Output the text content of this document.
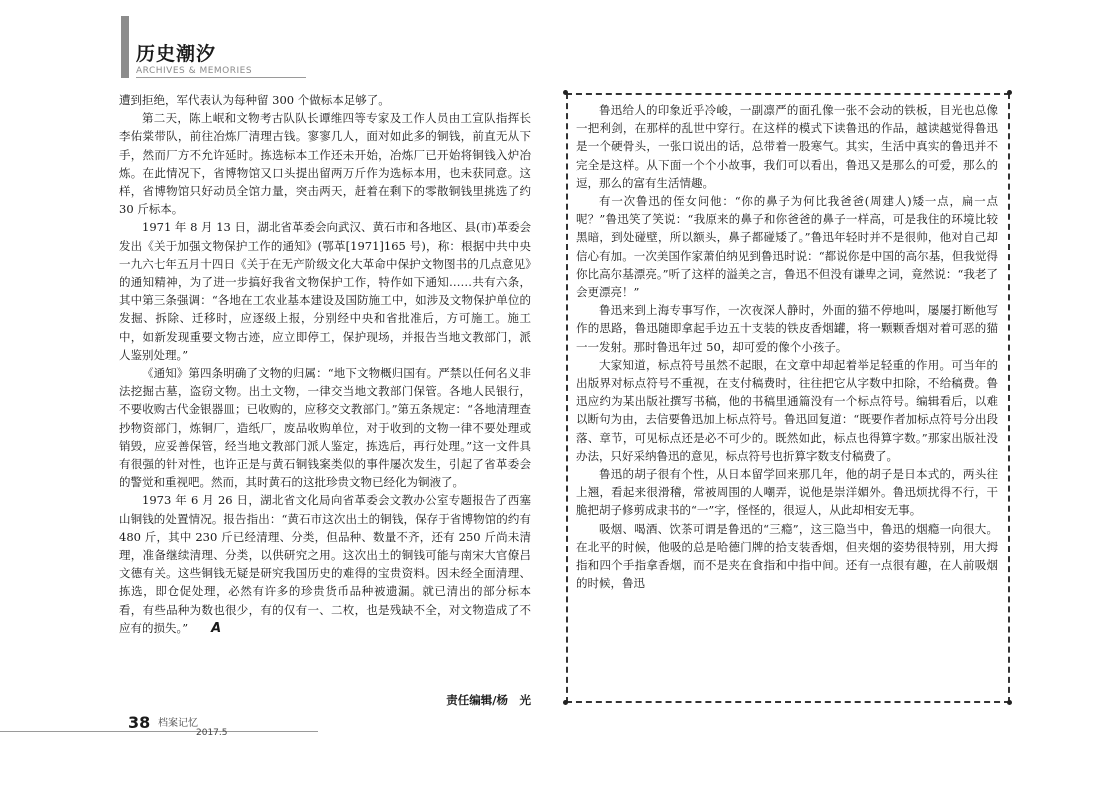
历史潮汐
ARCHIVES & MEMORIES

遭到拒绝，军代表认为每种留 300 个做标本足够了。

第二天，陈上岷和文物考古队队长谭维四等专家及工作人员由工宣队指挥长李佑棠带队，前往冶炼厂清理古钱。寥寥几人，面对如此多的铜钱，前直无从下手，然而厂方不允许延时。拣选标本工作还未开始，冶炼厂已开始将铜钱入炉冶炼。在此情况下，省博物馆又口头提出留两万斤作为选标本用，也未获同意。这样，省博物馆只好动员全馆力量，突击两天，赶着在剩下的零散铜钱里挑选了约 30 斤标本。

1971 年 8 月 13 日，湖北省革委会向武汉、黄石市和各地区、县(市)革委会发出《关于加强文物保护工作的通知》(鄂革[1971]165 号)，称：根据中共中央一九六七年五月十四日《关于在无产阶级文化大革命中保护文物图书的几点意见》的通知精神，为了进一步搞好我省文物保护工作，特作如下通知……共有六条，其中第三条强调：“各地在工农业基本建设及国防施工中，如涉及文物保护单位的发掘、拆除、迁移时，应逐级上报，分别经中央和省批准后，方可施工。施工中，如新发现重要文物古迹，应立即停工，保护现场，并报告当地文教部门，派人鉴别处理。”

《通知》第四条明确了文物的归属：“地下文物概归国有。严禁以任何名义非法挖掘古墓，盗窃文物。出土文物，一律交当地文教部门保管。各地人民银行，不要收购古代金银器皿；已收购的，应移交文教部门。”第五条规定：“各地清理查抄物资部门，炼铜厂，造纸厂，废品收购单位，对于收到的文物一律不要处理或销毁，应妥善保管，经当地文教部门派人鉴定，拣选后，再行处理。”这一文件具有很强的针对性，也许正是与黄石铜钱案类似的事件屡次发生，引起了省革委会的警觉和重视吧。然而，其时黄石的这批珍贵文物已经化为铜液了。

1973 年 6 月 26 日，湖北省文化局向省革委会文教办公室专题报告了西塞山铜钱的处置情况。报告指出：“黄石市这次出土的铜钱，保存于省博物馆的约有 480 斤，其中 230 斤已经清理、分类，但品种、数量不齐，还有 250 斤尚未清理，准备继续清理、分类，以供研究之用。这次出土的铜钱可能与南宋大官僚吕文德有关。这些铜钱无疑是研究我国历史的难得的宝贵资料。因未经全面清理、拣选，即仓促处理，必然有许多的珍贵货币品种被遗漏。就已清出的部分标本看，有些品种为数也很少，有的仅有一、二枚，也是残缺不全，对文物造成了不应有的损失。” A

责任编辑/杨　光

鲁迅给人的印象近乎冷峻，一副凛严的面孔像一张不会动的铁板，目光也总像一把利剑，在那样的乱世中穿行。在这样的模式下读鲁迅的作品，越读越觉得鲁迅是一个硬骨头，一张口说出的话，总带着一股寒气。其实，生活中真实的鲁迅并不完全是这样。从下面一个个小故事，我们可以看出，鲁迅又是那么的可爱，那么的逗，那么的富有生活情趣。

有一次鲁迅的侄女问他：“你的鼻子为何比我爸爸(周建人)矮一点，扁一点呢？”鲁迅笑了笑说：“我原来的鼻子和你爸爸的鼻子一样高，可是我住的环境比较黑暗，到处碰壁，所以额头，鼻子都碰矮了。”鲁迅年轻时并不是很帅，他对自己却信心有加。一次美国作家萧伯纳见到鲁迅时说：“都说你是中国的高尔基，但我觉得你比高尔基漂亮。”听了这样的溢美之言，鲁迅不但没有谦卑之词，竟然说：“我老了会更漂亮！”

鲁迅来到上海专事写作，一次夜深人静时，外面的猫不停地叫，屡屡打断他写作的思路，鲁迅随即拿起手边五十支装的铁皮香烟罐，将一颗颗香烟对着可恶的猫一一发射。那时鲁迅年过 50，却可爱的像个小孩子。

大家知道，标点符号虽然不起眼，在文章中却起着举足轻重的作用。可当年的出版界对标点符号不重视，在支付稿费时，往往把它从字数中扣除，不给稿费。鲁迅应约为某出版社撰写书稿，他的书稿里通篇没有一个标点符号。编辑看后，以难以断句为由，去信要鲁迅加上标点符号。鲁迅回复道：“既要作者加标点符号分出段落、章节，可见标点还是必不可少的。既然如此，标点也得算字数。”那家出版社没办法，只好采纳鲁迅的意见，标点符号也折算字数支付稿费了。

鲁迅的胡子很有个性，从日本留学回来那几年，他的胡子是日本式的，两头往上翘，看起来很滑稽，常被周围的人嘲弄，说他是崇洋媚外。鲁迅烦扰得不行，干脆把胡子修剪成隶书的“一”字，怪怪的，很逗人，从此却相安无事。

吸烟、喝酒、饮茶可谓是鲁迅的“三瘾”，这三隐当中，鲁迅的烟瘾一向很大。在北平的时候，他吸的总是哈德门牌的拾支装香烟，但夹烟的姿势很特别，用大拇指和四个手指拿香烟，而不是夹在食指和中指中间。还有一点很有趣，在人前吸烟的时候，鲁迅

38 档案记忆
2017.5
